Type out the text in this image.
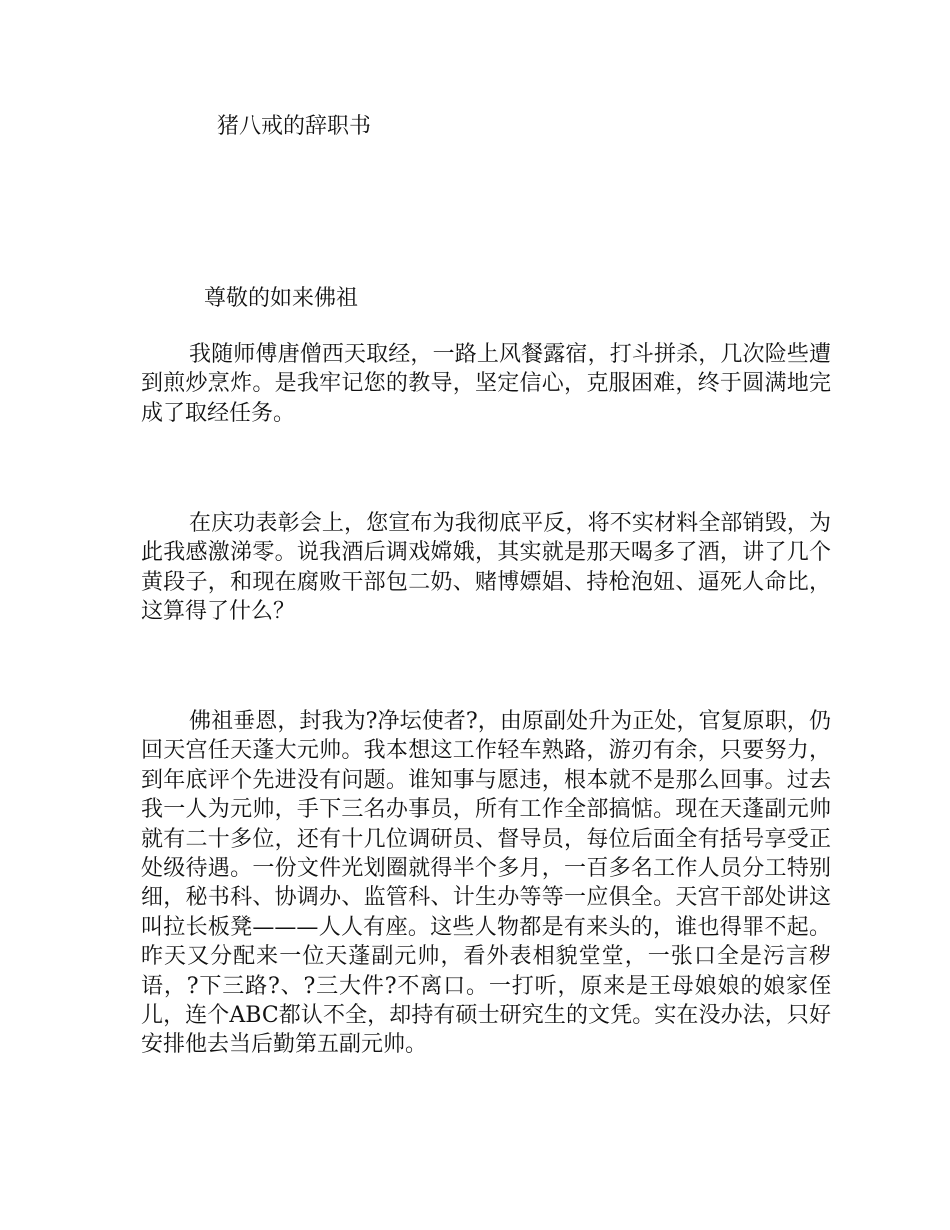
猪八戒的辞职书

尊敬的如来佛祖

我随师傅唐僧西天取经，一路上风餐露宿，打斗拼杀，几次险些遭到煎炒烹炸。是我牢记您的教导，坚定信心，克服困难，终于圆满地完成了取经任务。

在庆功表彰会上，您宣布为我彻底平反，将不实材料全部销毁，为此我感激涕零。说我酒后调戏嫦娥，其实就是那天喝多了酒，讲了几个黄段子，和现在腐败干部包二奶、赌博嫖娼、持枪泡妞、逼死人命比，这算得了什么？

佛祖垂恩，封我为?净坛使者?，由原副处升为正处，官复原职，仍回天宫任天蓬大元帅。我本想这工作轻车熟路，游刃有余，只要努力，到年底评个先进没有问题。谁知事与愿违，根本就不是那么回事。过去我一人为元帅，手下三名办事员，所有工作全部搞惦。现在天蓬副元帅就有二十多位，还有十几位调研员、督导员，每位后面全有括号享受正处级待遇。一份文件光划圈就得半个多月，一百多名工作人员分工特别细，秘书科、协调办、监管科、计生办等等一应俱全。天宫干部处讲这叫拉长板凳———人人有座。这些人物都是有来头的，谁也得罪不起。昨天又分配来一位天蓬副元帅，看外表相貌堂堂，一张口全是污言秽语，?下三路?、?三大件?不离口。一打听，原来是王母娘娘的娘家侄儿，连个ABC都认不全，却持有硕士研究生的文凭。实在没办法，只好安排他去当后勤第五副元帅。
